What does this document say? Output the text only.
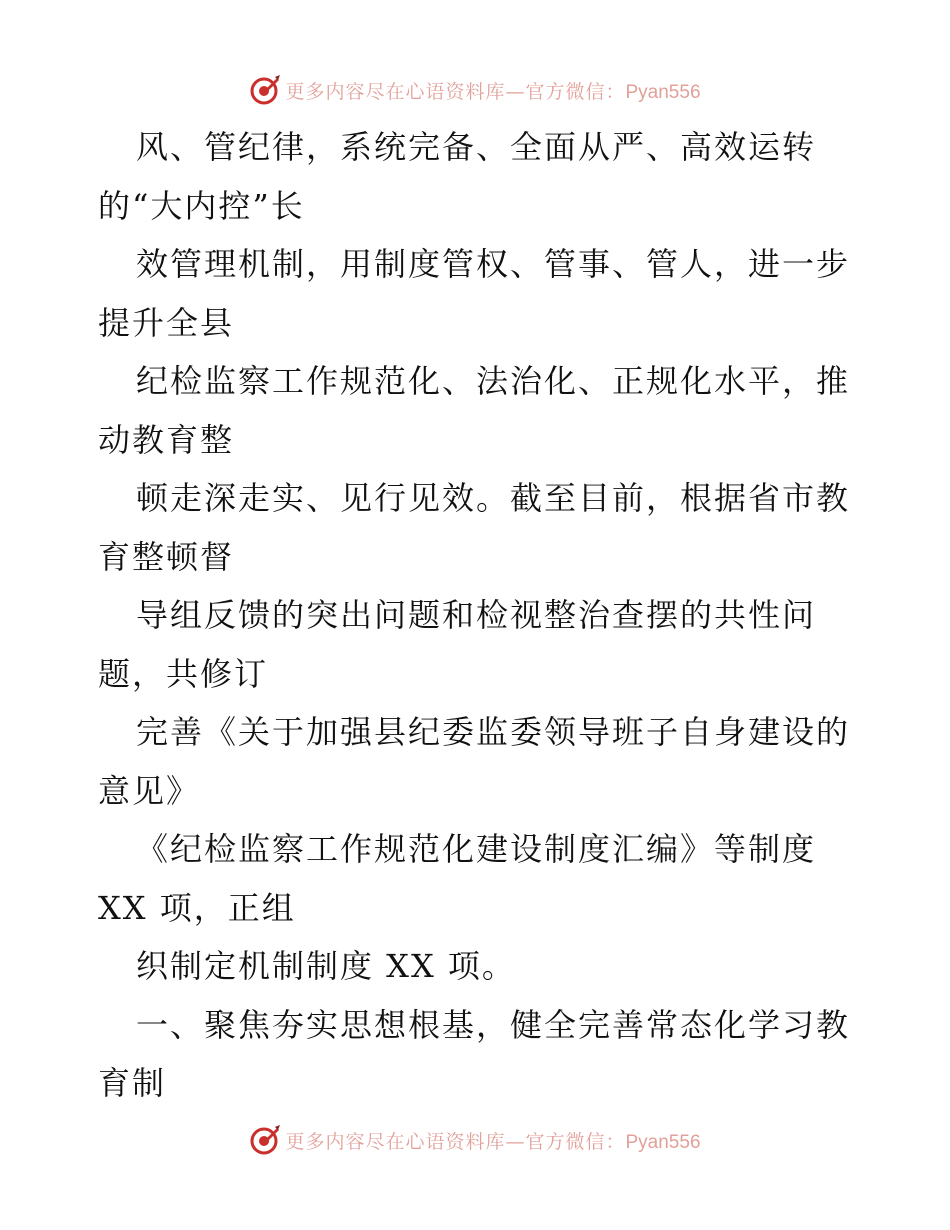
更多内容尽在心语资料库—官方微信：Pyan556
风、管纪律，系统完备、全面从严、高效运转
的“大内控”长
效管理机制，用制度管权、管事、管人，进一步
提升全县
纪检监察工作规范化、法治化、正规化水平，推
动教育整
顿走深走实、见行见效。截至目前，根据省市教
育整顿督
导组反馈的突出问题和检视整治查摆的共性问
题，共修订
完善《关于加强县纪委监委领导班子自身建设的
意见》
《纪检监察工作规范化建设制度汇编》等制度
XX 项，正组
织制定机制制度 XX 项。
一、聚焦夯实思想根基，健全完善常态化学习教
育制
更多内容尽在心语资料库—官方微信：Pyan556
